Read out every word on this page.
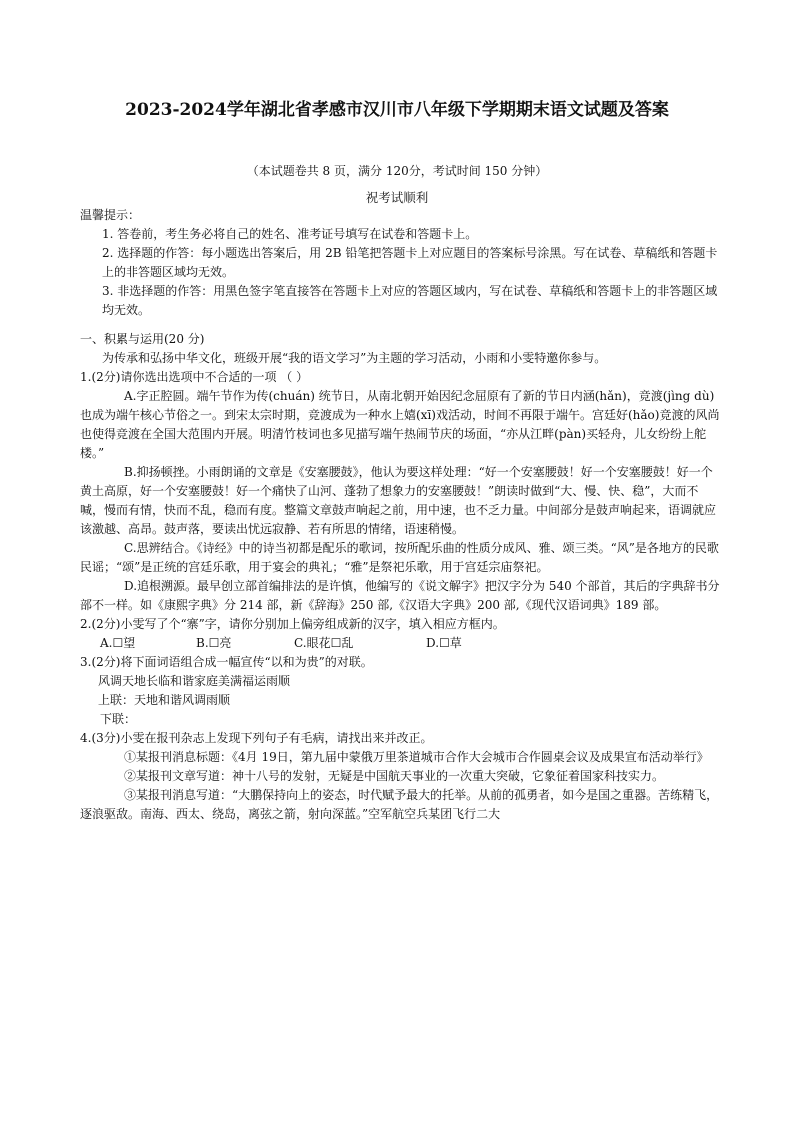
2023-2024学年湖北省孝感市汉川市八年级下学期期末语文试题及答案
（本试题卷共 8 页，满分 120分，考试时间 150 分钟）
祝考试顺利

温馨提示：

1. 答卷前，考生务必将自己的姓名、准考证号填写在试卷和答题卡上。

2. 选择题的作答：每小题选出答案后，用 2B 铅笔把答题卡上对应题目的答案标号涂黑。写在试卷、草稿纸和答题卡上的非答题区域均无效。

3. 非选择题的作答：用黑色签字笔直接答在答题卡上对应的答题区域内，写在试卷、草稿纸和答题卡上的非答题区域均无效。

一、积累与运用(20 分)

为传承和弘扬中华文化，班级开展“我的语文学习”为主题的学习活动，小雨和小雯特邀你参与。

1.(2分)请你选出选项中不合适的一项 （ ）

A.字正腔圆。端午节作为传(chuán) 统节日，从南北朝开始因纪念屈原有了新的节日内涵(hǎn)，竞渡(jìng dù) 也成为端午核心节俗之一。到宋太宗时期，竞渡成为一种水上嬉(xī)戏活动，时间不再限于端午。宫廷好(hǎo)竞渡的风尚也使得竞渡在全国大范围内开展。明清竹枝词也多见描写端午热闹节庆的场面，“亦从江畔(pàn)买轻舟，儿女纷纷上舵楼。”

B.抑扬顿挫。小雨朗诵的文章是《安塞腰鼓》，他认为要这样处理：“好一个安塞腰鼓！好一个安塞腰鼓！好一个黄土高原，好一个安塞腰鼓！好一个痛快了山河、蓬勃了想象力的安塞腰鼓！”朗读时做到“大、慢、快、稳”，大而不喊，慢而有情，快而不乱，稳而有度。整篇文章鼓声响起之前，用中速，也不乏力量。中间部分是鼓声响起来，语调就应该激越、高昂。鼓声落，要读出忧远寂静、若有所思的情绪，语速稍慢。

C.思辨结合。《诗经》中的诗当初都是配乐的歌词，按所配乐曲的性质分成风、雅、颂三类。“风”是各地方的民歌民谣；“颂”是正统的宫廷乐歌，用于宴会的典礼；“雅”是祭祀乐歌，用于宫廷宗庙祭祀。

D.追根溯源。最早创立部首编排法的是许慎，他编写的《说文解字》把汉字分为 540 个部首，其后的字典辞书分部不一样。如《康熙字典》分 214 部，新《辞海》250 部,《汉语大字典》200 部,《现代汉语词典》189 部。

2.(2分)小雯写了个“寨”字，请你分别加上偏旁组成新的汉字，填入相应方框内。

A.☐望	B.☐亮	C.眼花☐乱	D.☐草

3.(2分)将下面词语组合成一幅宣传“以和为贵”的对联。

风调天地长临和谐家庭美满福运雨顺

上联：天地和谐风调雨顺

下联：

4.(3分)小雯在报刊杂志上发现下列句子有毛病，请找出来并改正。

①某报刊消息标题：《4月 19日，第九届中蒙俄万里茶道城市合作大会城市合作圆桌会议及成果宣布活动举行》

②某报刊文章写道：神十八号的发射，无疑是中国航天事业的一次重大突破，它象征着国家科技实力。

③某报刊消息写道：“大鹏保持向上的姿态，时代赋予最大的托举。从前的孤勇者，如今是国之重器。苦练精飞，逐浪驱敌。南海、西太、绕岛，离弦之箭，射向深蓝。”空军航空兵某团飞行二大
